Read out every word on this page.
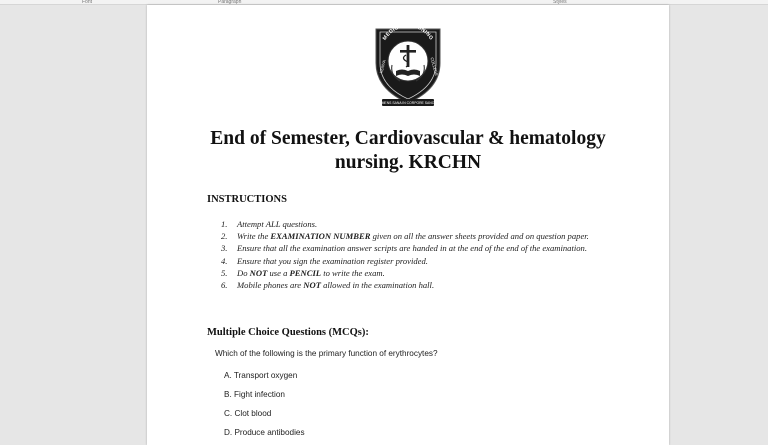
Font	Paragraph	Styles
MEDICAL TRAINING
KENYA	COLLEGE
MENS SANA IN CORPORE SANO
End of Semester, Cardiovascular & hematology
nursing. KRCHN
INSTRUCTIONS
1. Attempt ALL questions.
2. Write the EXAMINATION NUMBER given on all the answer sheets provided and on question paper.
3. Ensure that all the examination answer scripts are handed in at the end of the end of the examination.
4. Ensure that you sign the examination register provided.
5. Do NOT use a PENCIL to write the exam.
6. Mobile phones are NOT allowed in the examination hall.
Multiple Choice Questions (MCQs):
Which of the following is the primary function of erythrocytes?
A. Transport oxygen
B. Fight infection
C. Clot blood
D. Produce antibodies
